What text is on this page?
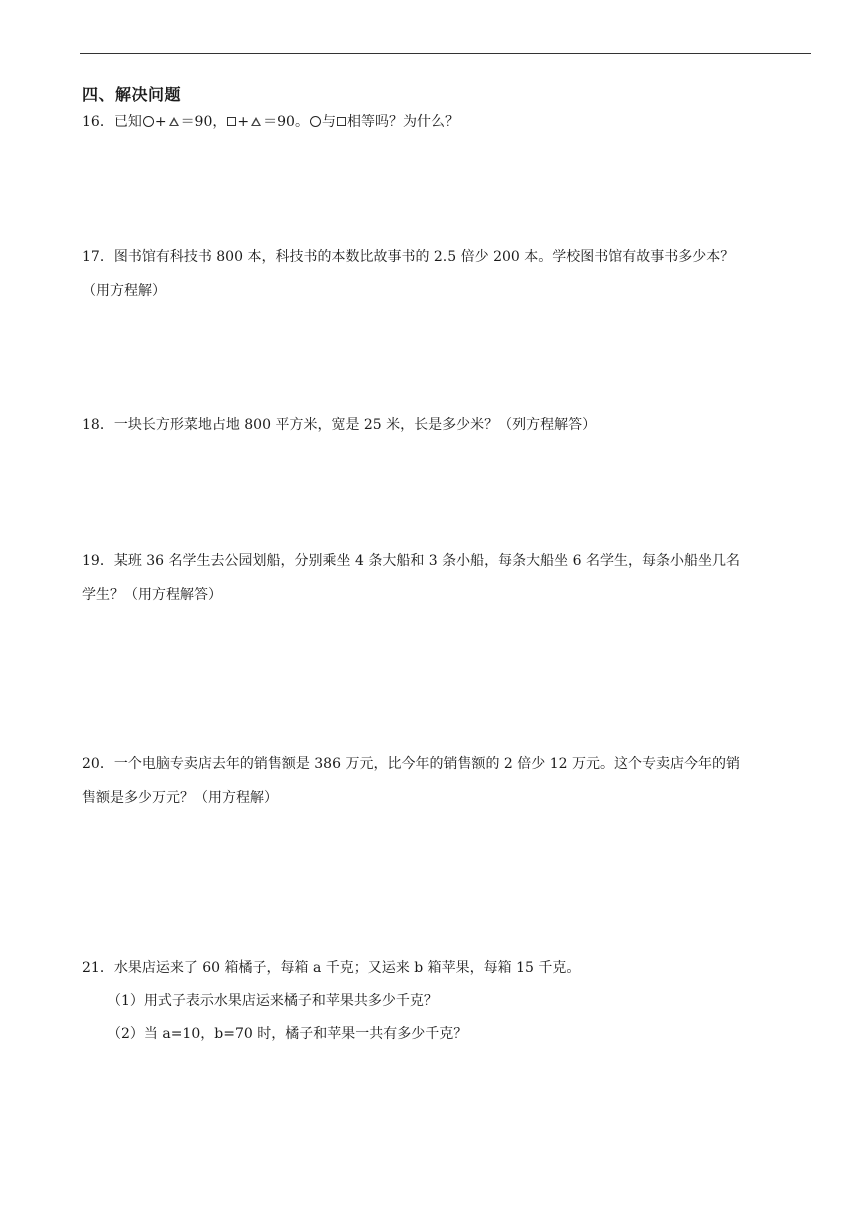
四、解决问题
16．已知 + ＝90， + ＝90。 与 相等吗？为什么？
17．图书馆有科技书 800 本，科技书的本数比故事书的 2.5 倍少 200 本。学校图书馆有故事书多少本？
（用方程解）
18．一块长方形菜地占地 800 平方米，宽是 25 米，长是多少米？（列方程解答）
19．某班 36 名学生去公园划船，分别乘坐 4 条大船和 3 条小船，每条大船坐 6 名学生，每条小船坐几名
学生？（用方程解答）
20．一个电脑专卖店去年的销售额是 386 万元，比今年的销售额的 2 倍少 12 万元。这个专卖店今年的销
售额是多少万元？（用方程解）
21．水果店运来了 60 箱橘子，每箱 a 千克；又运来 b 箱苹果，每箱 15 千克。
（1）用式子表示水果店运来橘子和苹果共多少千克？
（2）当 a=10，b=70 时，橘子和苹果一共有多少千克？
